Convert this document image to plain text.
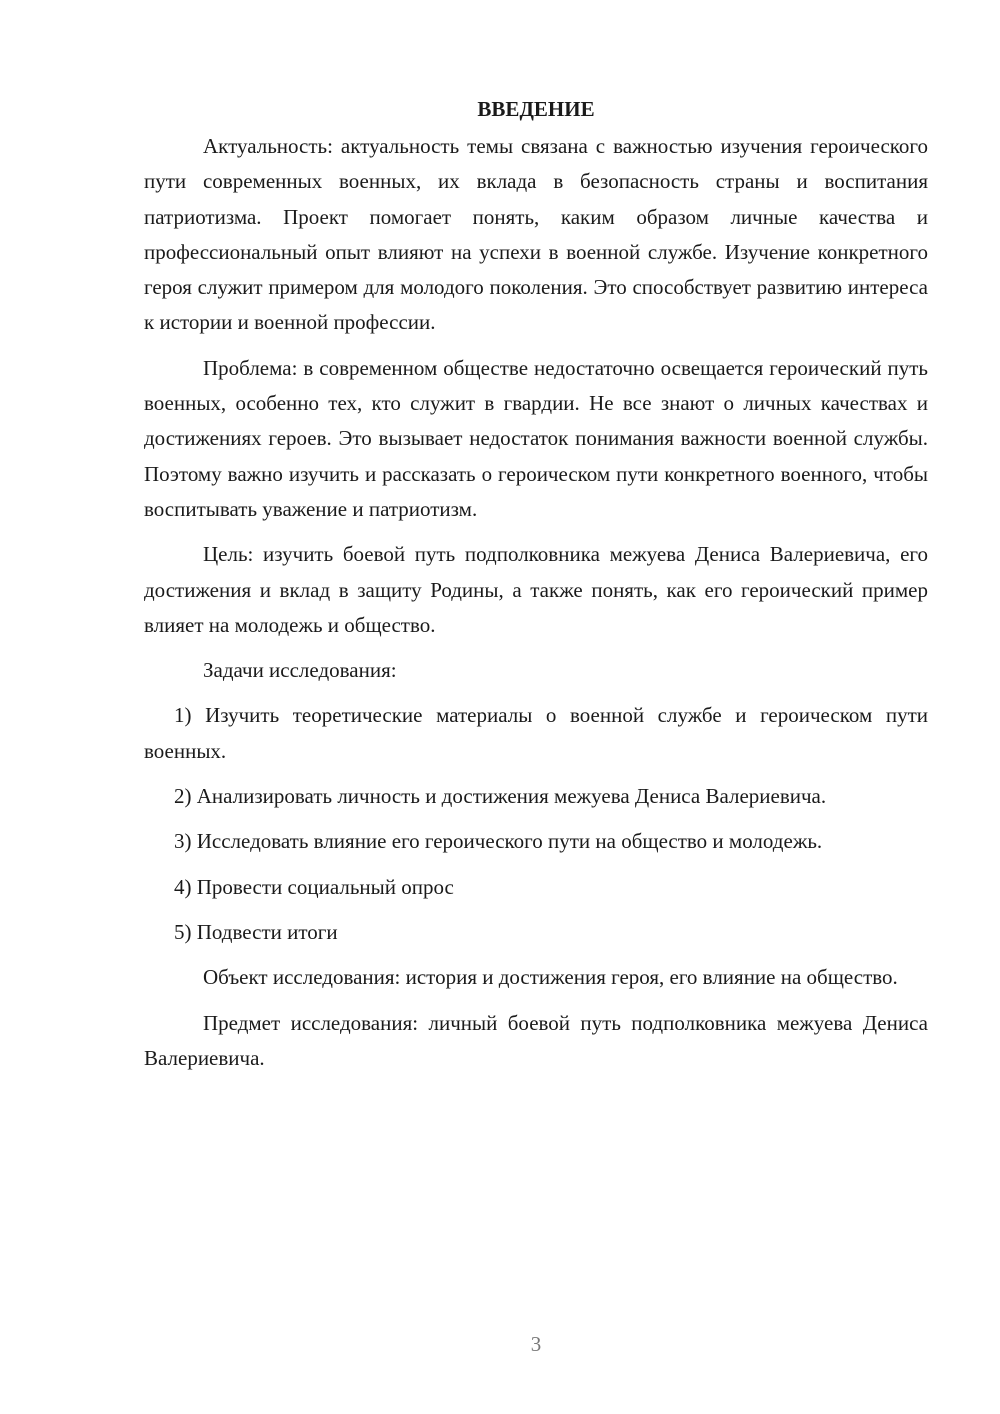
ВВЕДЕНИЕ

Актуальность: актуальность темы связана с важностью изучения героического пути современных военных, их вклада в безопасность страны и воспитания патриотизма. Проект помогает понять, каким образом личные качества и профессиональный опыт влияют на успехи в военной службе. Изучение конкретного героя служит примером для молодого поколения. Это способствует развитию интереса к истории и военной профессии.

Проблема: в современном обществе недостаточно освещается героический путь военных, особенно тех, кто служит в гвардии. Не все знают о личных качествах и достижениях героев. Это вызывает недостаток понимания важности военной службы. Поэтому важно изучить и рассказать о героическом пути конкретного военного, чтобы воспитывать уважение и патриотизм.

Цель: изучить боевой путь подполковника межуева Дениса Валериевича, его достижения и вклад в защиту Родины, а также понять, как его героический пример влияет на молодежь и общество.

Задачи исследования:

1) Изучить теоретические материалы о военной службе и героическом пути военных.

2) Анализировать личность и достижения межуева Дениса Валериевича.

3) Исследовать влияние его героического пути на общество и молодежь.

4) Провести социальный опрос

5) Подвести итоги

Объект исследования: история и достижения героя, его влияние на общество.

Предмет исследования: личный боевой путь подполковника межуева Дениса Валериевича.

3
